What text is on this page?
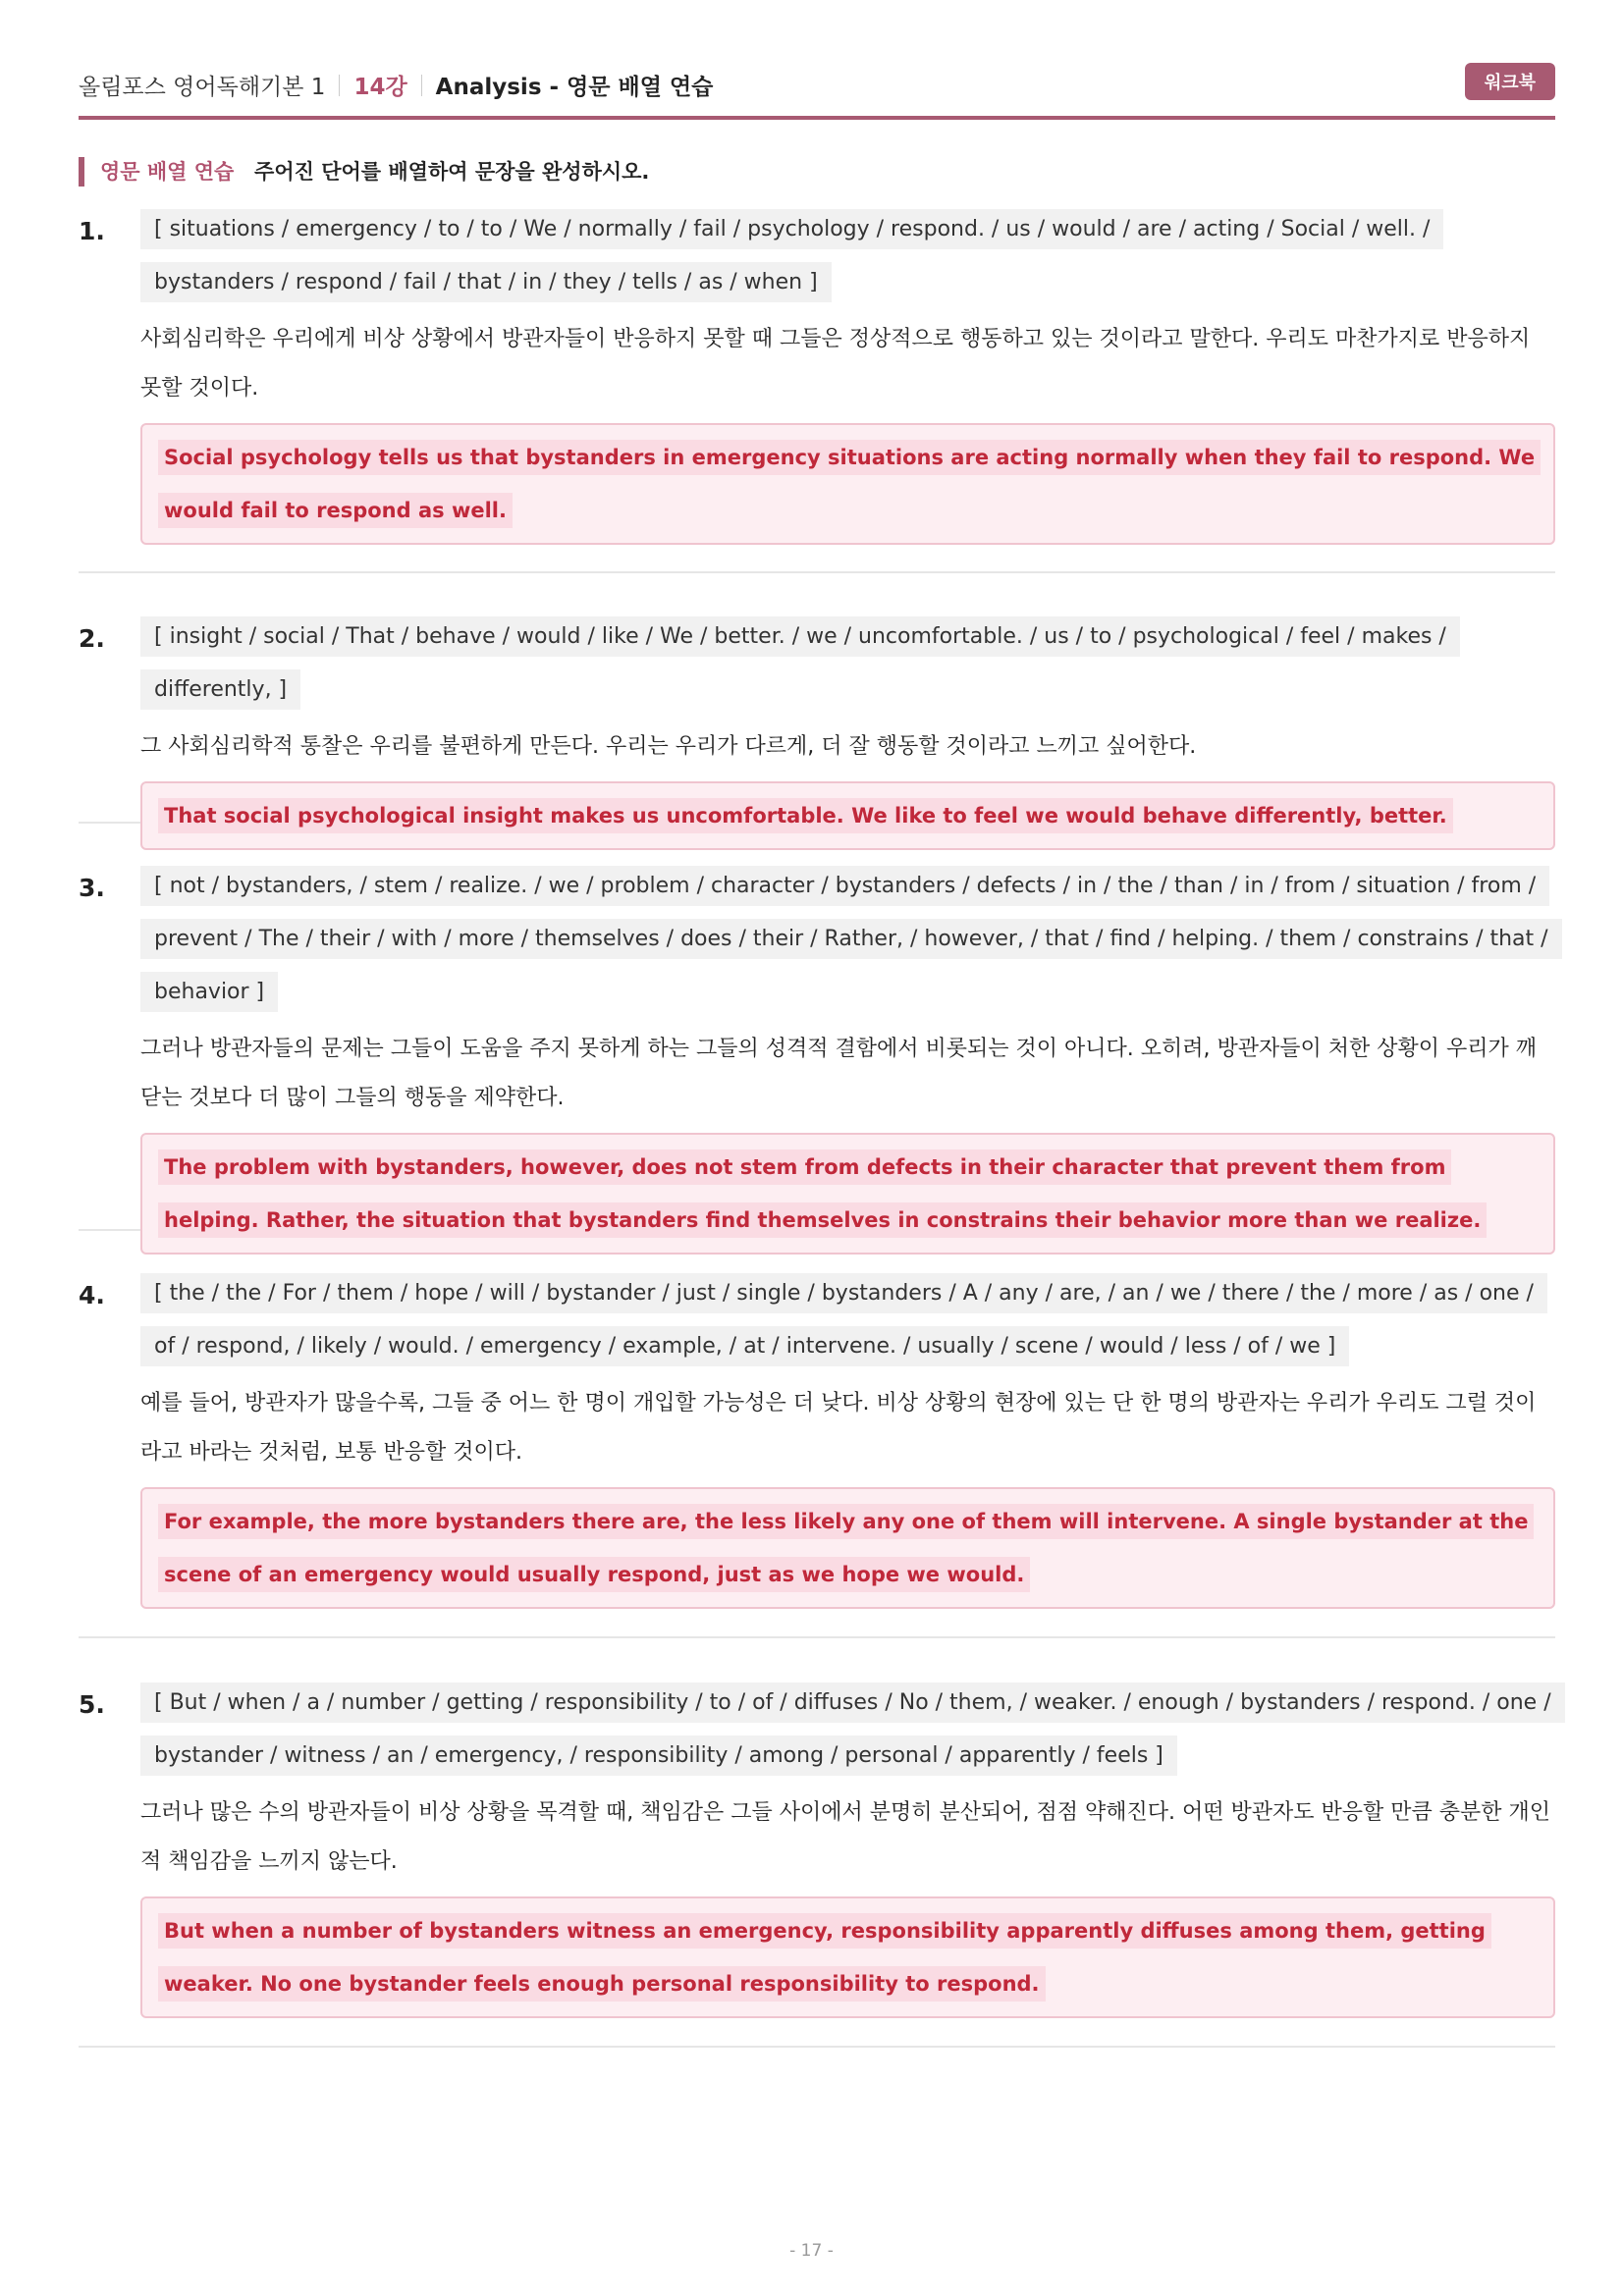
올림포스 영어독해기본 1 14강 Analysis - 영문 배열 연습	워크북
영문 배열 연습 주어진 단어를 배열하여 문장을 완성하시오.
1.	[ situations / emergency / to / to / We / normally / fail / psychology / respond. / us / would / are / acting / Social / well. / bystanders / respond / fail / that / in / they / tells / as / when ]
사회심리학은 우리에게 비상 상황에서 방관자들이 반응하지 못할 때 그들은 정상적으로 행동하고 있는 것이라고 말한다. 우리도 마찬가지로 반응하지 못할 것이다.
Social psychology tells us that bystanders in emergency situations are acting normally when they fail to respond. We would fail to respond as well.
2.	[ insight / social / That / behave / would / like / We / better. / we / uncomfortable. / us / to / psychological / feel / makes / differently, ]
그 사회심리학적 통찰은 우리를 불편하게 만든다. 우리는 우리가 다르게, 더 잘 행동할 것이라고 느끼고 싶어한다.
That social psychological insight makes us uncomfortable. We like to feel we would behave differently, better.
3.	[ not / bystanders, / stem / realize. / we / problem / character / bystanders / defects / in / the / than / in / from / situation / from / prevent / The / their / with / more / themselves / does / their / Rather, / however, / that / find / helping. / them / constrains / that / behavior ]
그러나 방관자들의 문제는 그들이 도움을 주지 못하게 하는 그들의 성격적 결함에서 비롯되는 것이 아니다. 오히려, 방관자들이 처한 상황이 우리가 깨닫는 것보다 더 많이 그들의 행동을 제약한다.
The problem with bystanders, however, does not stem from defects in their character that prevent them from helping. Rather, the situation that bystanders find themselves in constrains their behavior more than we realize.
4.	[ the / the / For / them / hope / will / bystander / just / single / bystanders / A / any / are, / an / we / there / the / more / as / one / of / respond, / likely / would. / emergency / example, / at / intervene. / usually / scene / would / less / of / we ]
예를 들어, 방관자가 많을수록, 그들 중 어느 한 명이 개입할 가능성은 더 낮다. 비상 상황의 현장에 있는 단 한 명의 방관자는 우리가 우리도 그럴 것이라고 바라는 것처럼, 보통 반응할 것이다.
For example, the more bystanders there are, the less likely any one of them will intervene. A single bystander at the scene of an emergency would usually respond, just as we hope we would.
5.	[ But / when / a / number / getting / responsibility / to / of / diffuses / No / them, / weaker. / enough / bystanders / respond. / one / bystander / witness / an / emergency, / responsibility / among / personal / apparently / feels ]
그러나 많은 수의 방관자들이 비상 상황을 목격할 때, 책임감은 그들 사이에서 분명히 분산되어, 점점 약해진다. 어떤 방관자도 반응할 만큼 충분한 개인적 책임감을 느끼지 않는다.
But when a number of bystanders witness an emergency, responsibility apparently diffuses among them, getting weaker. No one bystander feels enough personal responsibility to respond.
- 17 -
